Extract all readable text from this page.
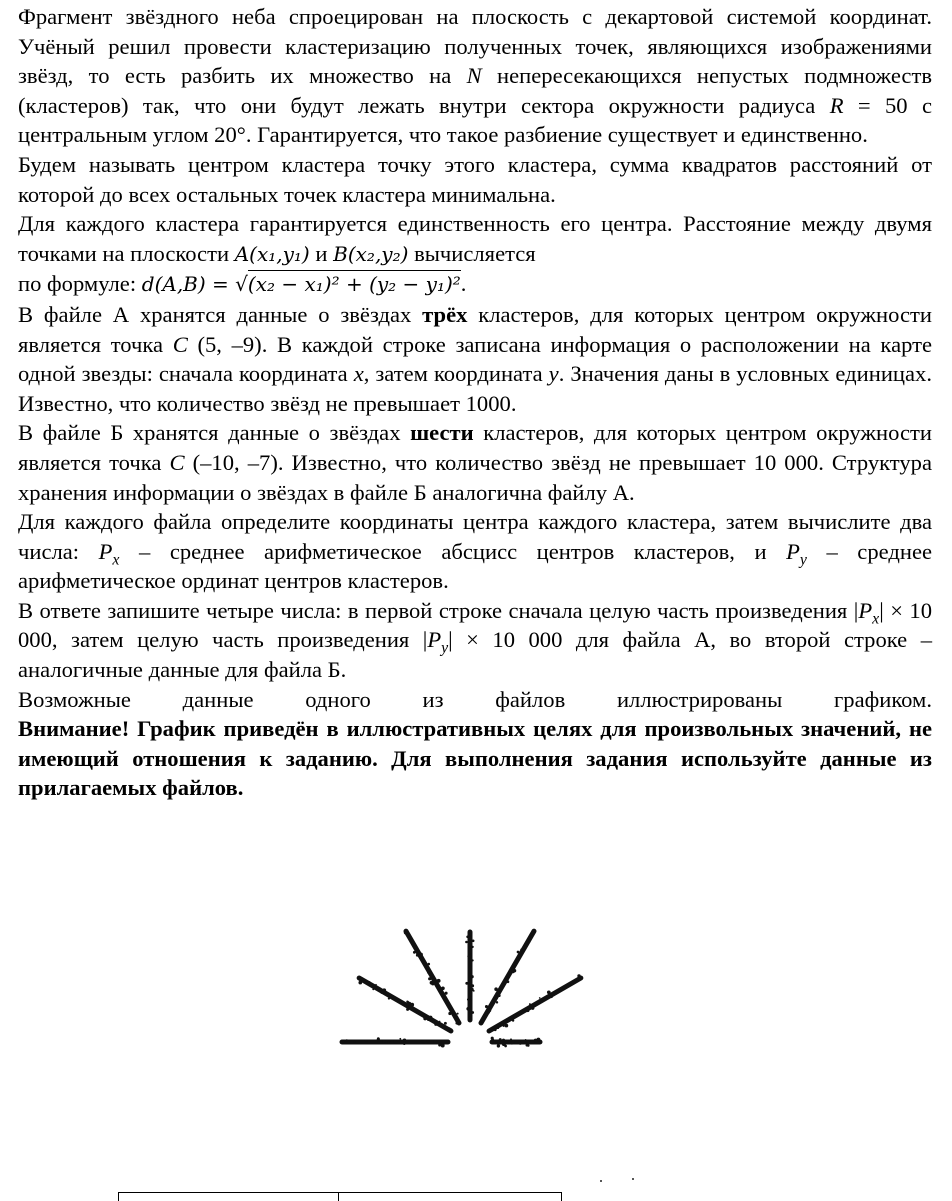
Фрагмент звёздного неба спроецирован на плоскость с декартовой системой координат. Учёный решил провести кластеризацию полученных точек, являющихся изображениями звёзд, то есть разбить их множество на N непересекающихся непустых подмножеств (кластеров) так, что они будут лежать внутри сектора окружности радиуса R = 50 с центральным углом 20°. Гарантируется, что такое разбиение существует и единственно.

Будем называть центром кластера точку этого кластера, сумма квадратов расстояний от которой до всех остальных точек кластера минимальна.

Для каждого кластера гарантируется единственность его центра. Расстояние между двумя точками на плоскости A(x₁,y₁) и B(x₂,y₂) вычисляется
по формуле: d(A,B) = √(x₂ − x₁)² + (y₂ − y₁)².

В файле А хранятся данные о звёздах трёх кластеров, для которых центром окружности является точка C (5, –9). В каждой строке записана информация о расположении на карте одной звезды: сначала координата x, затем координата y. Значения даны в условных единицах. Известно, что количество звёзд не превышает 1000.

В файле Б хранятся данные о звёздах шести кластеров, для которых центром окружности является точка C (–10, –7). Известно, что количество звёзд не превышает 10 000. Структура хранения информации о звёздах в файле Б аналогична файлу А.

Для каждого файла определите координаты центра каждого кластера, затем вычислите два числа: $P_x$ – среднее арифметическое абсцисс центров кластеров, и $P_y$ – среднее арифметическое ординат центров кластеров.

В ответе запишите четыре числа: в первой строке сначала целую часть произведения $|P_x| \times 10$ 000, затем целую часть произведения $|P_y| \times 10$ 000 для файла А, во второй строке – аналогичные данные для файла Б.

Возможные данные одного из файлов иллюстрированы графиком.

Внимание! График приведён в иллюстративных целях для произвольных значений, не имеющий отношения к заданию. Для выполнения задания используйте данные из прилагаемых файлов.
